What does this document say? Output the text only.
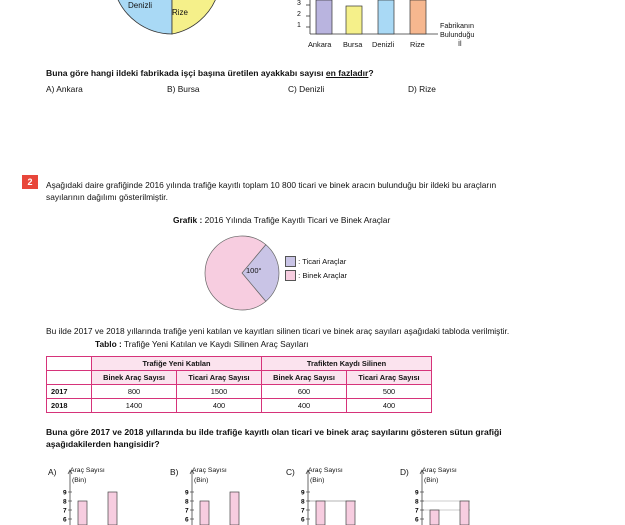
Denizli
Rize
3
2
1
Ankara Bursa Denizli Rize
Fabrikanın
Bulunduğu
İl
Buna göre hangi ildeki fabrikada işçi başına üretilen ayakkabı sayısı en fazladır?
A) Ankara	B) Bursa	C) Denizli	D) Rize
2	Aşağıdaki daire grafiğinde 2016 yılında trafiğe kayıtlı toplam 10 800 ticari ve binek aracın bulunduğu bir ildeki bu araçların
sayılarının dağılımı gösterilmiştir.
Grafik : 2016 Yılında Trafiğe Kayıtlı Ticari ve Binek Araçlar
100°
: Ticari Araçlar
: Binek Araçlar
Bu ilde 2017 ve 2018 yıllarında trafiğe yeni katılan ve kayıtları silinen ticari ve binek araç sayıları aşağıdaki tabloda verilmiştir.
Tablo : Trafiğe Yeni Katılan ve Kaydı Silinen Araç Sayıları
	Trafiğe Yeni Katılan		Trafikten Kaydı Silinen	
	Binek Araç Sayısı	Ticari Araç Sayısı	Binek Araç Sayısı	Ticari Araç Sayısı
2017	800	1500	600	500
2018	1400	400	400	400
Buna göre 2017 ve 2018 yıllarında bu ilde trafiğe kayıtlı olan ticari ve binek araç sayılarını gösteren sütun grafiği
aşağıdakilerden hangisidir?
A) Araç Sayısı
(Bin)
9
8
7
6
B) Araç Sayısı
(Bin)
9
8
7
6
C) Araç Sayısı
(Bin)
9
8
7
6
D) Araç Sayısı
(Bin)
9
8
7
6
